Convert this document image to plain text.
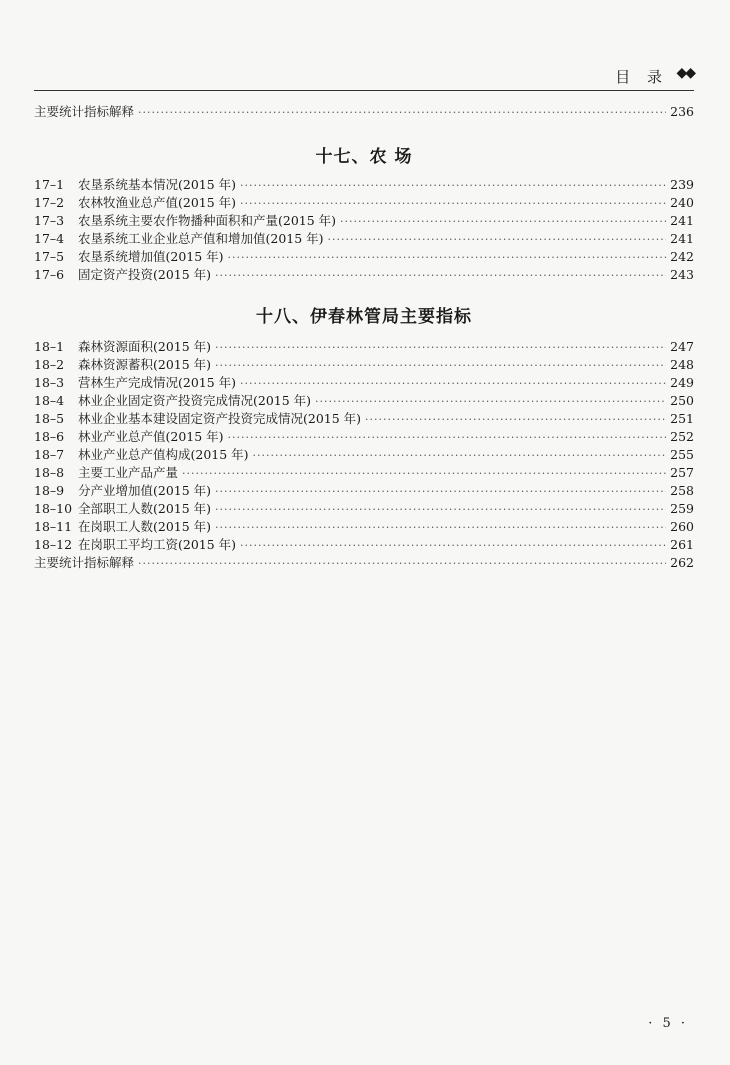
目 录 ◆◆
主要统计指标解释 ·····	236
十七、农 场
17–1	农垦系统基本情况(2015 年) ·····	239
17–2	农林牧渔业总产值(2015 年) ·····	240
17–3	农垦系统主要农作物播种面积和产量(2015 年) ·····	241
17–4	农垦系统工业企业总产值和增加值(2015 年) ·····	241
17–5	农垦系统增加值(2015 年) ·····	242
17–6	固定资产投资(2015 年) ·····	243
十八、伊春林管局主要指标
18–1	森林资源面积(2015 年) ·····	247
18–2	森林资源蓄积(2015 年) ·····	248
18–3	营林生产完成情况(2015 年) ·····	249
18–4	林业企业固定资产投资完成情况(2015 年) ·····	250
18–5	林业企业基本建设固定资产投资完成情况(2015 年) ·····	251
18–6	林业产业总产值(2015 年) ·····	252
18–7	林业产业总产值构成(2015 年) ·····	255
18–8	主要工业产品产量 ·····	257
18–9	分产业增加值(2015 年) ·····	258
18–10 全部职工人数(2015 年) ·····	259
18–11 在岗职工人数(2015 年) ·····	260
18–12 在岗职工平均工资(2015 年) ·····	261
主要统计指标解释 ·····	262
· 5 ·
